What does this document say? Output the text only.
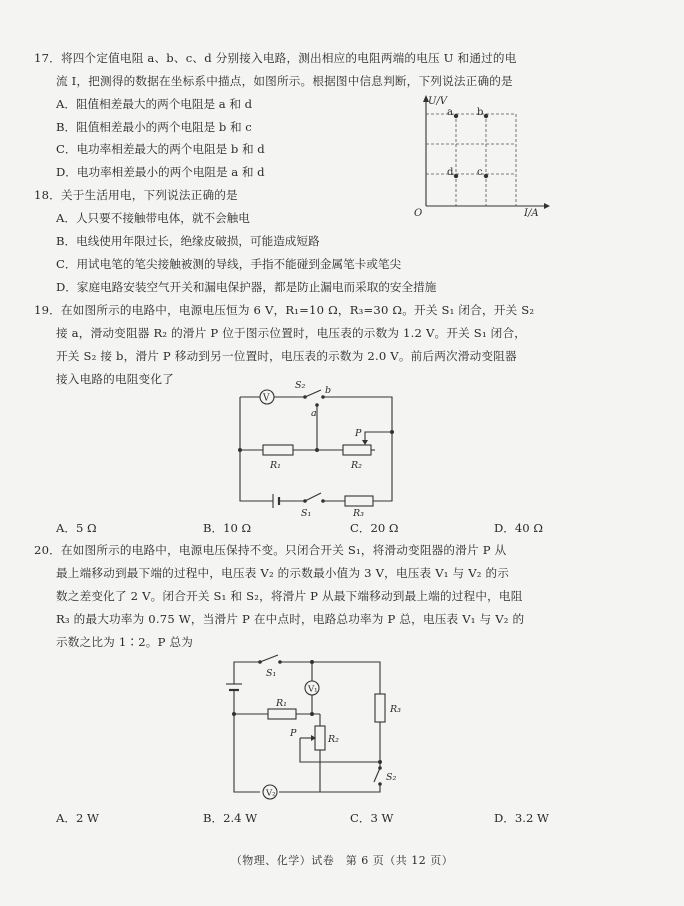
17．将四个定值电阻 a、b、c、d 分别接入电路，测出相应的电阻两端的电压 U 和通过的电
流 I，把测得的数据在坐标系中描点，如图所示。根据图中信息判断，下列说法正确的是
A．阻值相差最大的两个电阻是 a 和 d
B．阻值相差最小的两个电阻是 b 和 c
C．电功率相差最大的两个电阻是 b 和 d
D．电功率相差最小的两个电阻是 a 和 d
U/V
I/A
O
a b
c
d
18．关于生活用电，下列说法正确的是
A．人只要不接触带电体，就不会触电
B．电线使用年限过长，绝缘皮破损，可能造成短路
C．用试电笔的笔尖接触被测的导线，手指不能碰到金属笔卡或笔尖
D．家庭电路安装空气开关和漏电保护器，都是防止漏电而采取的安全措施
19．在如图所示的电路中，电源电压恒为 6 V，R₁=10 Ω，R₃=30 Ω。开关 S₁ 闭合，开关 S₂
接 a，滑动变阻器 R₂ 的滑片 P 位于图示位置时，电压表的示数为 1.2 V。开关 S₁ 闭合，
开关 S₂ 接 b，滑片 P 移动到另一位置时，电压表的示数为 2.0 V。前后两次滑动变阻器
接入电路的电阻变化了
S₁	R₃
V
S₂ b
a
R₁	R₂
P
A．5 Ω	B．10 Ω	C．20 Ω	D．40 Ω
20．在如图所示的电路中，电源电压保持不变。只闭合开关 S₁，将滑动变阻器的滑片 P 从
最上端移动到最下端的过程中，电压表 V₂ 的示数最小值为 3 V，电压表 V₁ 与 V₂ 的示
数之差变化了 2 V。闭合开关 S₁ 和 S₂，将滑片 P 从最下端移动到最上端的过程中，电阻
R₃ 的最大功率为 0.75 W，当滑片 P 在中点时，电路总功率为 P 总，电压表 V₁ 与 V₂ 的
示数之比为 1∶2。P 总为
S₁
V₁
R₁
R₂
P
R₃
S₂
V₂
A．2 W	B．2.4 W	C．3 W	D．3.2 W
（物理、化学）试卷　第 6 页（共 12 页）
